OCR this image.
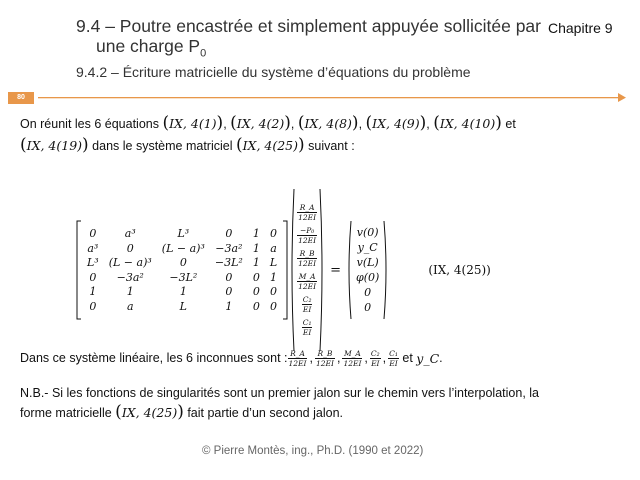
9.4 – Poutre encastrée et simplement appuyée sollicitée par
une charge $P_0$
Chapitre 9
9.4.2 – Écriture matricielle du système d’équations du problème
80
On réunit les 6 équations (IX, 4(1)), (IX, 4(2)), (IX, 4(8)), (IX, 4(9)), (IX, 4(10)) et
(IX, 4(19)) dans le système matriciel (IX, 4(25)) suivant :
0	a³	L³	0	1	0
a³	0	(L − a)³	−3a²	1	a
L³	(L − a)³	0	−3L²	1	L
0	−3a²	−3L²	0	0	1
1	1	1	0	0	0
0	a	L	1	0	0
$\frac{R\_A}{12EI}$
$\frac{\text{−P₀}}{12EI}$
$\frac{R\_B}{12EI}$
$\frac{M\_A}{12EI}$
$\frac{\text{C₂}}{EI}$
$\frac{\text{C₁}}{EI}$
=
v(0)
y_C
v(L)
φ(0)
0
0
(IX, 4(25))
Dans ce système linéaire, les 6 inconnues sont : $\frac{R\_A}{12EI}$ , $\frac{R\_B}{12EI}$ , $\frac{M\_A}{12EI}$ , $\frac{\text{C₂}}{EI}$ , $\frac{\text{C₁}}{EI}$ et y_C .
N.B.- Si les fonctions de singularités sont un premier jalon sur le chemin vers l’interpolation, la
forme matricielle (IX, 4(25)) fait partie d’un second jalon.
© Pierre Montès, ing., Ph.D. (1990 et 2022)
